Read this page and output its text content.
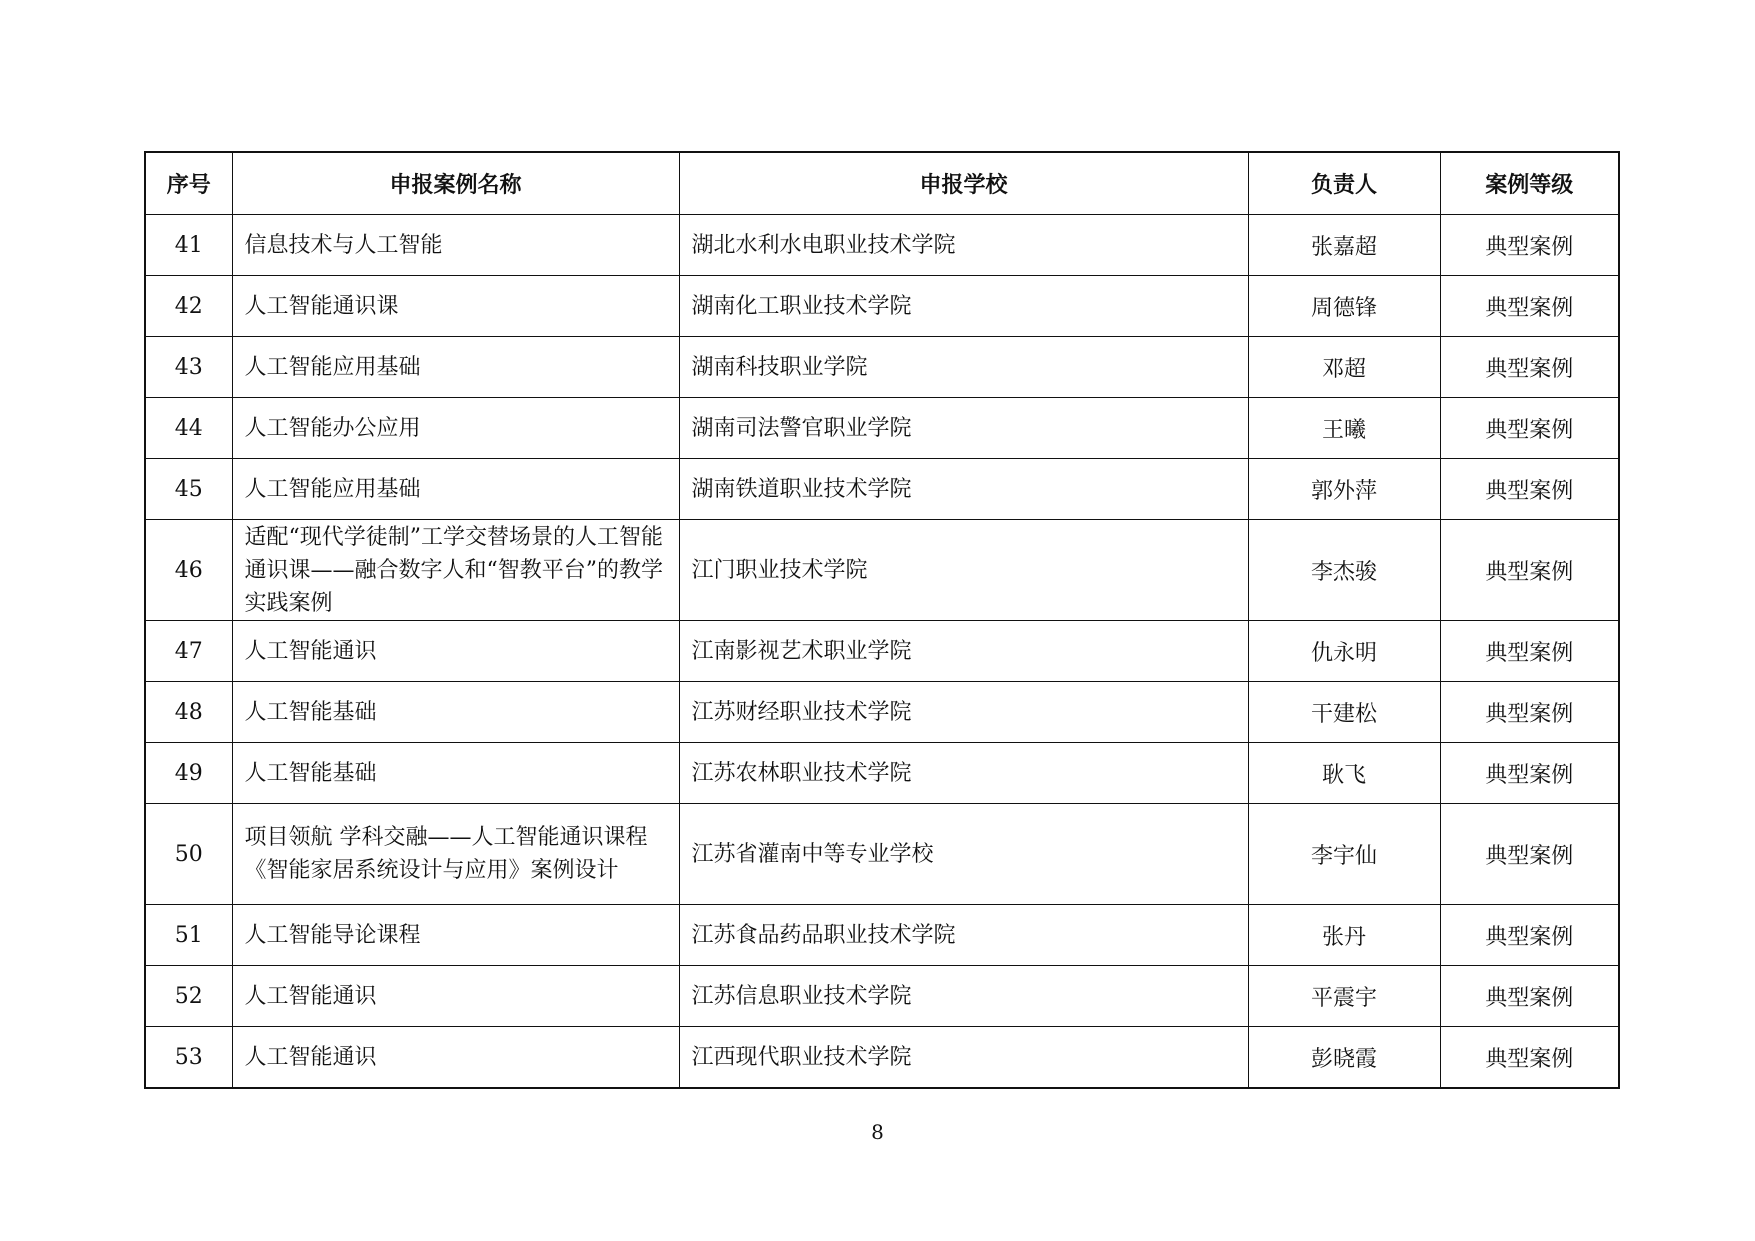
序号	申报案例名称	申报学校	负责人	案例等级
41	信息技术与人工智能	湖北水利水电职业技术学院	张嘉超	典型案例
42	人工智能通识课	湖南化工职业技术学院	周德锋	典型案例
43	人工智能应用基础	湖南科技职业学院	邓超	典型案例
44	人工智能办公应用	湖南司法警官职业学院	王曦	典型案例
45	人工智能应用基础	湖南铁道职业技术学院	郭外萍	典型案例
46	适配“现代学徒制”工学交替场景的人工智能通识课——融合数字人和“智教平台”的教学实践案例	江门职业技术学院	李杰骏	典型案例
47	人工智能通识	江南影视艺术职业学院	仇永明	典型案例
48	人工智能基础	江苏财经职业技术学院	干建松	典型案例
49	人工智能基础	江苏农林职业技术学院	耿飞	典型案例
50	项目领航 学科交融——人工智能通识课程《智能家居系统设计与应用》案例设计	江苏省灌南中等专业学校	李宇仙	典型案例
51	人工智能导论课程	江苏食品药品职业技术学院	张丹	典型案例
52	人工智能通识	江苏信息职业技术学院	平震宇	典型案例
53	人工智能通识	江西现代职业技术学院	彭晓霞	典型案例
8
